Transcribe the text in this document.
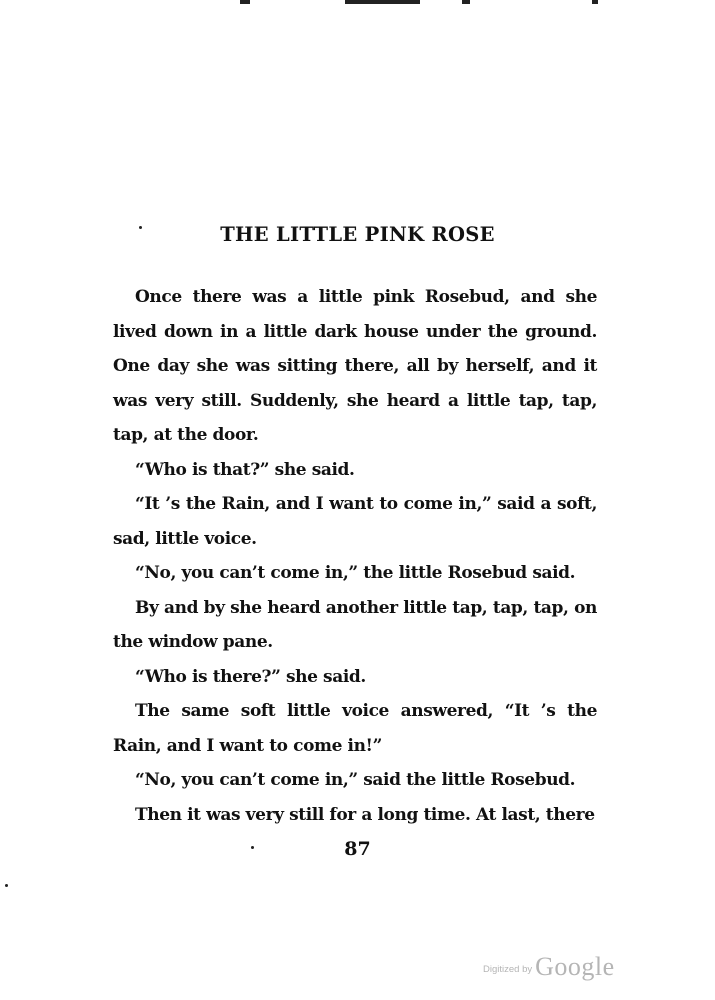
THE LITTLE PINK ROSE

Once there was a little pink Rosebud, and she lived down in a little dark house under the ground. One day she was sitting there, all by herself, and it was very still. Suddenly, she heard a little tap, tap, tap, at the door.

“Who is that?” she said.

“It ’s the Rain, and I want to come in,” said a soft, sad, little voice.

“No, you can’t come in,” the little Rosebud said.

By and by she heard another little tap, tap, tap, on the window pane.

“Who is there?” she said.

The same soft little voice answered, “It ’s the Rain, and I want to come in!”

“No, you can’t come in,” said the little Rosebud.

Then it was very still for a long time. At last, there

87
Digitized by Google
